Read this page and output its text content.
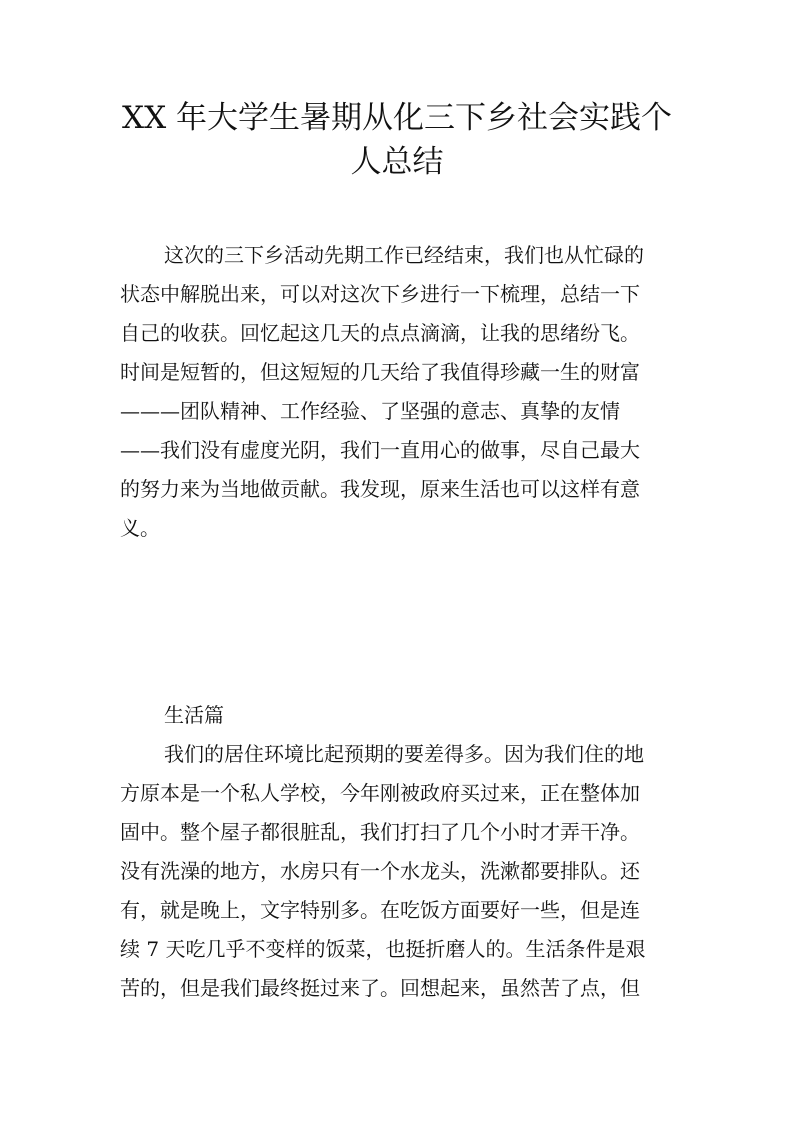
XX 年大学生暑期从化三下乡社会实践个
人总结
这次的三下乡活动先期工作已经结束，我们也从忙碌的
状态中解脱出来，可以对这次下乡进行一下梳理，总结一下
自己的收获。回忆起这几天的点点滴滴，让我的思绪纷飞。
时间是短暂的，但这短短的几天给了我值得珍藏一生的财富
———团队精神、工作经验、了坚强的意志、真挚的友情
——我们没有虚度光阴，我们一直用心的做事，尽自己最大
的努力来为当地做贡献。我发现，原来生活也可以这样有意
义。
生活篇
我们的居住环境比起预期的要差得多。因为我们住的地
方原本是一个私人学校，今年刚被政府买过来，正在整体加
固中。整个屋子都很脏乱，我们打扫了几个小时才弄干净。
没有洗澡的地方，水房只有一个水龙头，洗漱都要排队。还
有，就是晚上，文字特别多。在吃饭方面要好一些，但是连
续 7 天吃几乎不变样的饭菜，也挺折磨人的。生活条件是艰
苦的，但是我们最终挺过来了。回想起来，虽然苦了点，但
